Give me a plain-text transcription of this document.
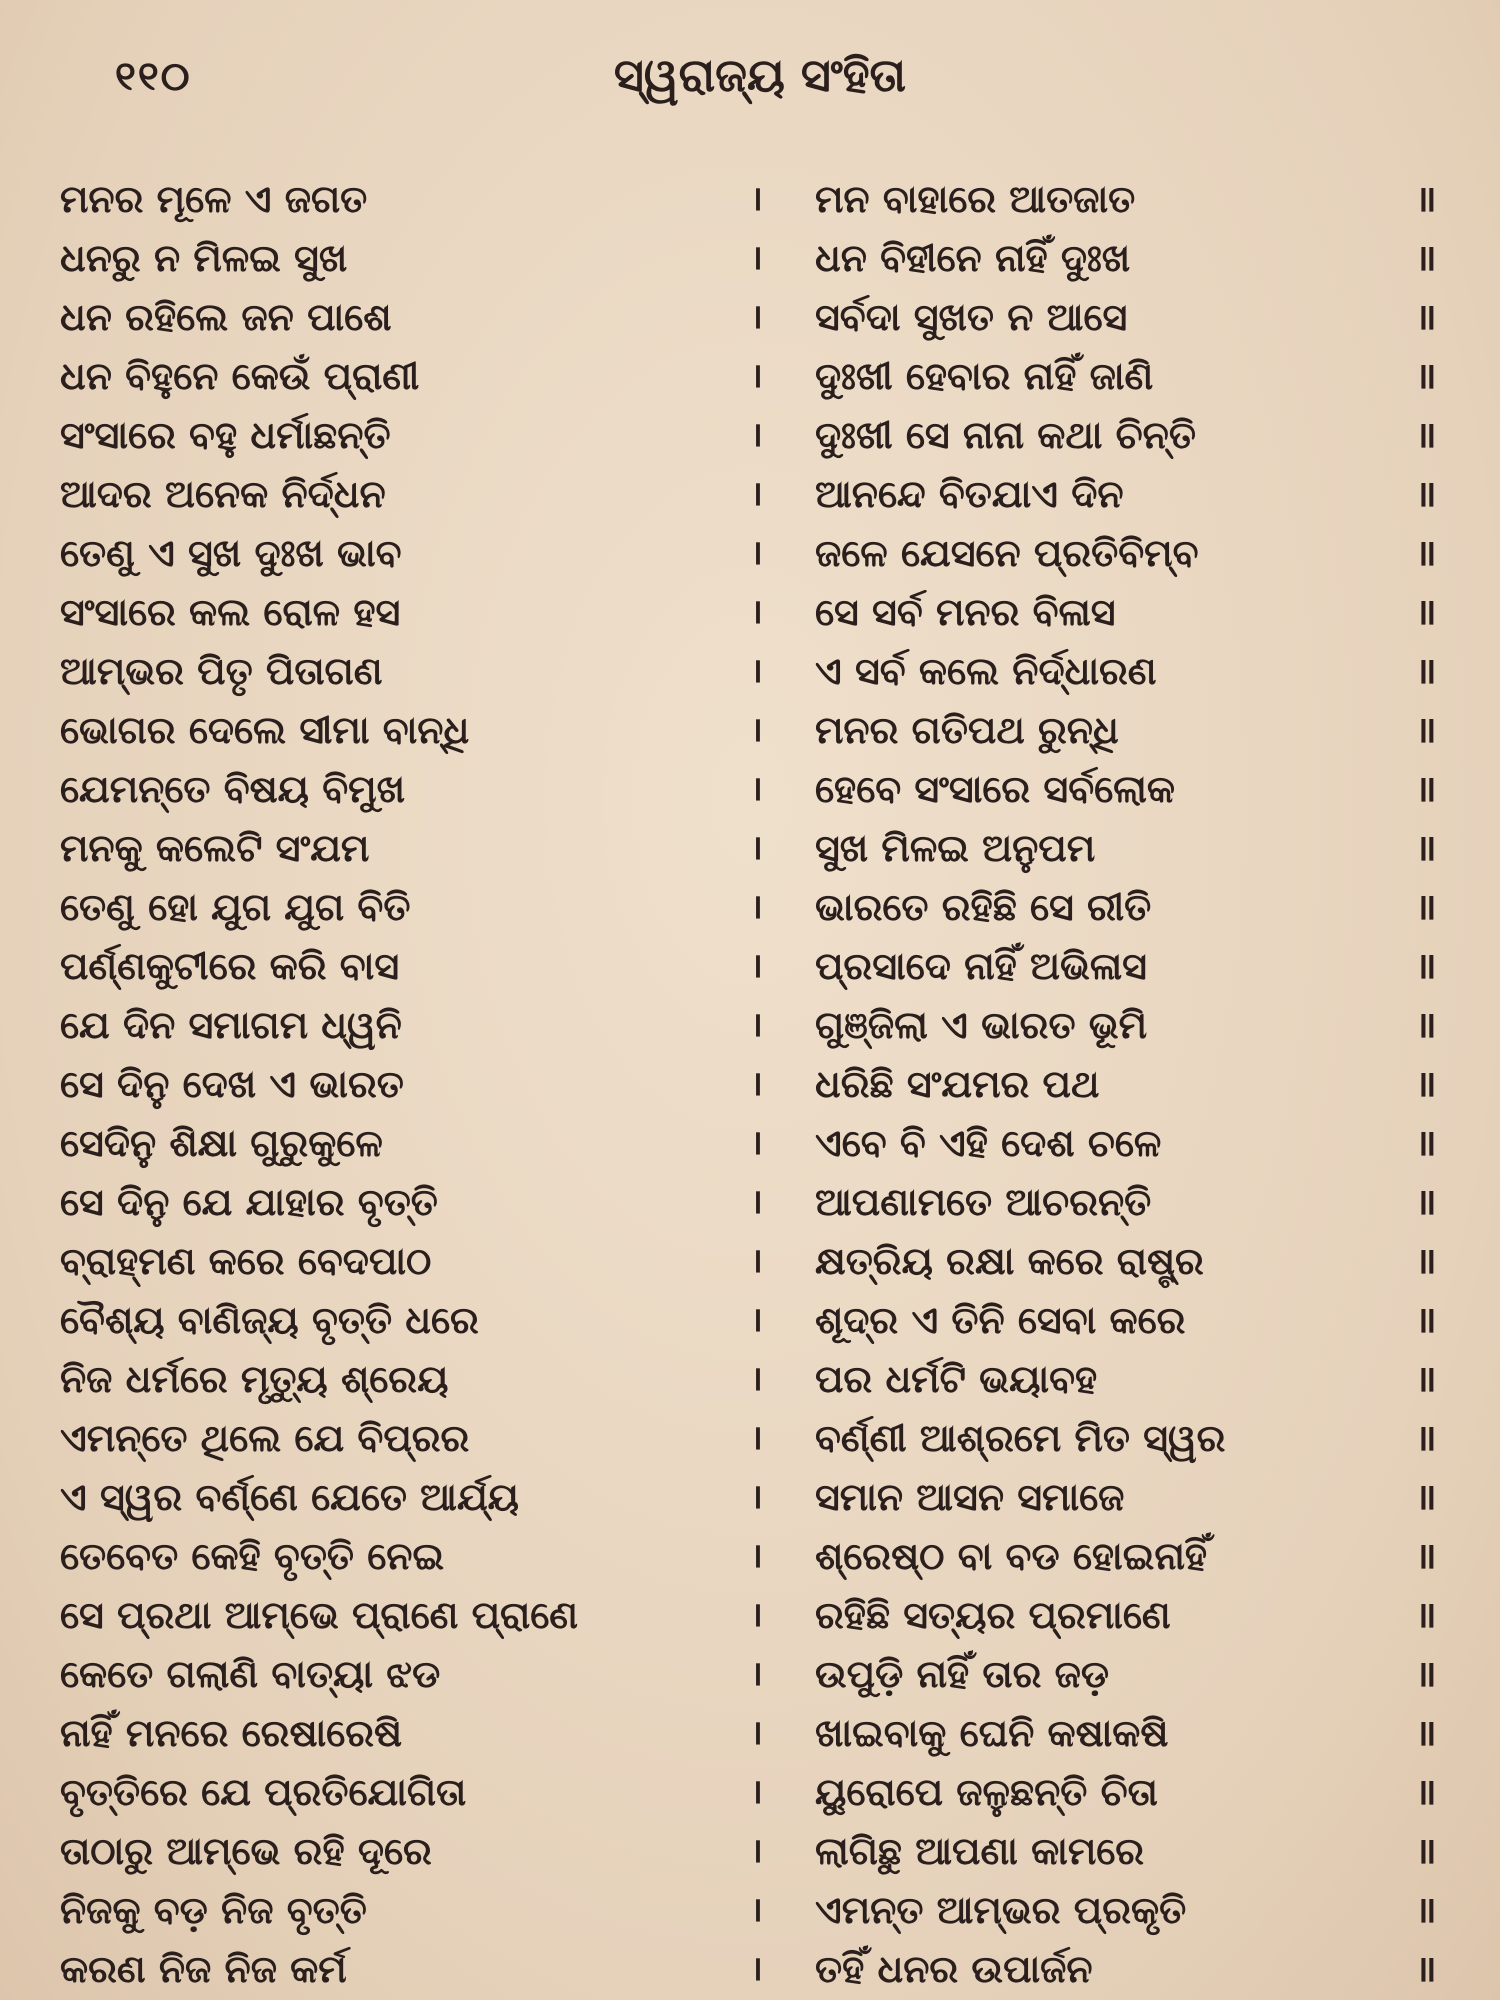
୧୧୦	ସ୍ୱରାଜ୍ୟ ସଂହିତା
ମନର ମୂଳେ ଏ ଜଗତ	। ମନ ବାହାରେ ଆତଜାତ	॥
ଧନରୁ ନ ମିଳଇ ସୁଖ	। ଧନ ବିହୀନେ ନାହିଁ ଦୁଃଖ	॥
ଧନ ରହିଲେ ଜନ ପାଶେ	। ସର୍ବଦା ସୁଖତ ନ ଆସେ	॥
ଧନ ବିହୁନେ କେଉଁ ପ୍ରାଣୀ	। ଦୁଃଖୀ ହେବାର ନାହିଁ ଜାଣି	॥
ସଂସାରେ ବହୁ ଧର୍ମାଛନ୍ତି	। ଦୁଃଖୀ ସେ ନାନା କଥା ଚିନ୍ତି	॥
ଆଦର ଅନେକ ନିର୍ଦ୍ଧନ	। ଆନନ୍ଦେ ବିତଯାଏ ଦିନ	॥
ତେଣୁ ଏ ସୁଖ ଦୁଃଖ ଭାବ	। ଜଳେ ଯେସନେ ପ୍ରତିବିମ୍ବ	॥
ସଂସାରେ କଲ ରୋଳ ହସ	। ସେ ସର୍ବ ମନର ବିଳାସ	॥
ଆମ୍ଭର ପିତୃ ପିତାଗଣ	। ଏ ସର୍ବ କଲେ ନିର୍ଦ୍ଧାରଣ	॥
ଭୋଗର ଦେଲେ ସୀମା ବାନ୍ଧି	। ମନର ଗତିପଥ ରୁନ୍ଧି	॥
ଯେମନ୍ତେ ବିଷୟ ବିମୁଖ	। ହେବେ ସଂସାରେ ସର୍ବଲୋକ	॥
ମନକୁ କଲେଟି ସଂଯମ	। ସୁଖ ମିଳଇ ଅନୁପମ	॥
ତେଣୁ ହୋ ଯୁଗ ଯୁଗ ବିତି	। ଭାରତେ ରହିଛି ସେ ରୀତି	॥
ପର୍ଣ୍ଣକୁଟୀରେ କରି ବାସ	। ପ୍ରସାଦେ ନାହିଁ ଅଭିଳାସ	॥
ଯେ ଦିନ ସମାଗମ ଧ୍ୱନି	। ଗୁଞ୍ଜିଲା ଏ ଭାରତ ଭୂମି	॥
ସେ ଦିନୁ ଦେଖ ଏ ଭାରତ	। ଧରିଛି ସଂଯମର ପଥ	॥
ସେଦିନୁ ଶିକ୍ଷା ଗୁରୁକୁଳେ	। ଏବେ ବି ଏହି ଦେଶ ଚଳେ	॥
ସେ ଦିନୁ ଯେ ଯାହାର ବୃତ୍ତି	। ଆପଣାମତେ ଆଚରନ୍ତି	॥
ବ୍ରାହ୍ମଣ କରେ ବେଦପାଠ	। କ୍ଷତ୍ରିୟ ରକ୍ଷା କରେ ରାଷ୍ଟ୍ର	॥
ବୈଶ୍ୟ ବାଣିଜ୍ୟ ବୃତ୍ତି ଧରେ	। ଶୂଦ୍ର ଏ ତିନି ସେବା କରେ	॥
ନିଜ ଧର୍ମରେ ମୃତ୍ୟୁ ଶ୍ରେୟ	। ପର ଧର୍ମଟି ଭୟାବହ	॥
ଏମନ୍ତେ ଥିଲେ ଯେ ବିପ୍ରର	। ବର୍ଣ୍ଣୀ ଆଶ୍ରମେ ମିତ ସ୍ୱର	॥
ଏ ସ୍ୱର ବର୍ଣ୍ଣେ ଯେତେ ଆର୍ଯ୍ୟ	। ସମାନ ଆସନ ସମାଜେ	॥
ତେବେତ କେହି ବୃତ୍ତି ନେଇ	। ଶ୍ରେଷ୍ଠ ବା ବଡ ହୋଇନାହିଁ	॥
ସେ ପ୍ରଥା ଆମ୍ଭେ ପ୍ରାଣେ ପ୍ରାଣେ	। ରହିଛି ସତ୍ୟର ପ୍ରମାଣେ	॥
କେତେ ଗଲାଣି ବାତ୍ୟା ଝଡ	। ଉପୁଡ଼ି ନାହିଁ ତାର ଜଡ଼	॥
ନାହିଁ ମନରେ ରେଷାରେଷି	। ଖାଇବାକୁ ଘେନି କଷାକଷି	॥
ବୃତ୍ତିରେ ଯେ ପ୍ରତିଯୋଗିତା	। ୟୁରୋପେ ଜଳୁଛନ୍ତି ଚିତା	॥
ତାଠାରୁ ଆମ୍ଭେ ରହି ଦୂରେ	। ଲାଗିଛୁ ଆପଣା କାମରେ	॥
ନିଜକୁ ବଡ଼ ନିଜ ବୃତ୍ତି	। ଏମନ୍ତ ଆମ୍ଭର ପ୍ରକୃତି	॥
କରଣ ନିଜ ନିଜ କର୍ମ	। ତହିଁ ଧନର ଉପାର୍ଜନ	॥
